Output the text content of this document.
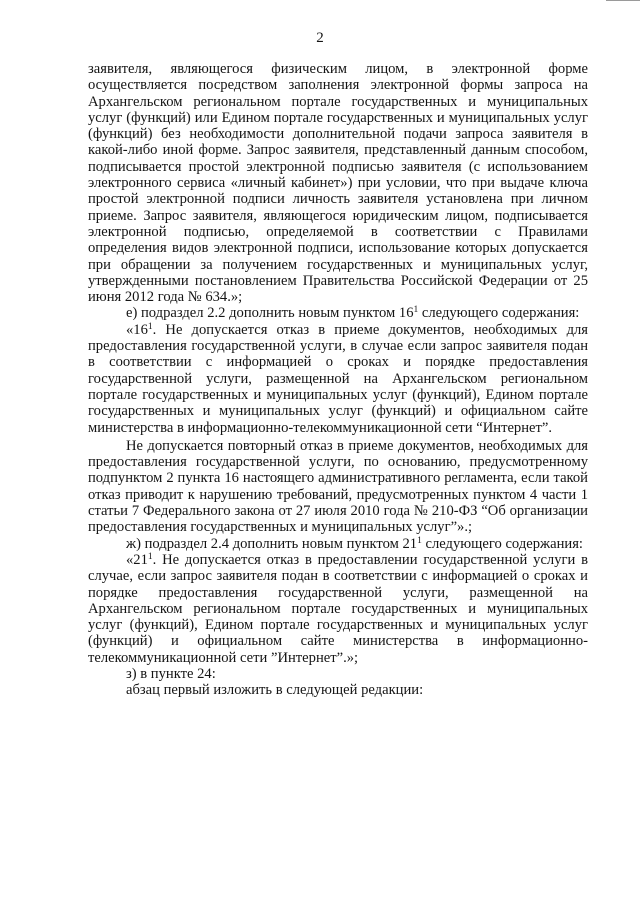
2

заявителя, являющегося физическим лицом, в электронной форме осуществляется посредством заполнения электронной формы запроса на Архангельском региональном портале государственных и муниципальных услуг (функций) или Едином портале государственных и муниципальных услуг (функций) без необходимости дополнительной подачи запроса заявителя в какой-либо иной форме. Запрос заявителя, представленный данным способом, подписывается простой электронной подписью заявителя (с использованием электронного сервиса «личный кабинет») при условии, что при выдаче ключа простой электронной подписи личность заявителя установлена при личном приеме. Запрос заявителя, являющегося юридическим лицом, подписывается электронной подписью, определяемой в соответствии с Правилами определения видов электронной подписи, использование которых допускается при обращении за получением государственных и муниципальных услуг, утвержденными постановлением Правительства Российской Федерации от 25 июня 2012 года № 634.»;

е) подраздел 2.2 дополнить новым пунктом $16^1$ следующего содержания:

«$16^1$. Не допускается отказ в приеме документов, необходимых для предоставления государственной услуги, в случае если запрос заявителя подан в соответствии с информацией о сроках и порядке предоставления государственной услуги, размещенной на Архангельском региональном портале государственных и муниципальных услуг (функций), Едином портале государственных и муниципальных услуг (функций) и официальном сайте министерства в информационно-телекоммуникационной сети “Интернет”.

Не допускается повторный отказ в приеме документов, необходимых для предоставления государственной услуги, по основанию, предусмотренному подпунктом 2 пункта 16 настоящего административного регламента, если такой отказ приводит к нарушению требований, предусмотренных пунктом 4 части 1 статьи 7 Федерального закона от 27 июля 2010 года № 210-ФЗ “Об организации предоставления государственных и муниципальных услуг”».;

ж) подраздел 2.4 дополнить новым пунктом $21^1$ следующего содержания:

«$21^1$. Не допускается отказ в предоставлении государственной услуги в случае, если запрос заявителя подан в соответствии с информацией о сроках и порядке предоставления государственной услуги, размещенной на Архангельском региональном портале государственных и муниципальных услуг (функций), Едином портале государственных и муниципальных услуг (функций) и официальном сайте министерства в информационно-телекоммуникационной сети ”Интернет”.»;

з) в пункте 24:

абзац первый изложить в следующей редакции:
